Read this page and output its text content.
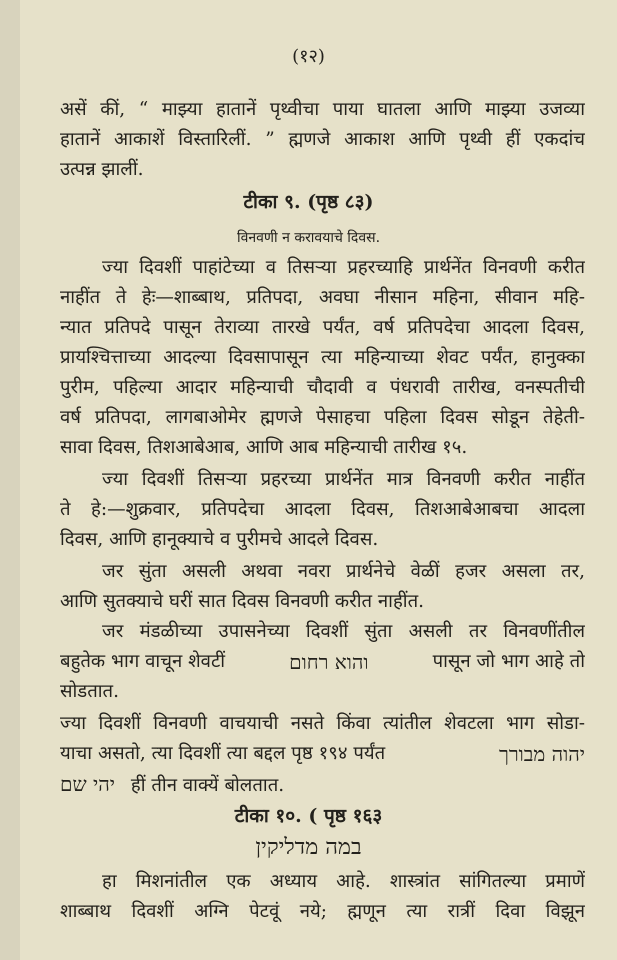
(१२)
असें कीं, “ माझ्या हातानें पृथ्वीचा पाया घातला आणि माझ्या उजव्या
हातानें आकाशें विस्तारिलीं. ” ह्मणजे आकाश आणि पृथ्वी हीं एकदांच
उत्पन्न झालीं.
टीका ९. (पृष्ठ ८३)
विनवणी न करावयाचे दिवस.
ज्या दिवशीं पाहांटेच्या व तिसऱ्या प्रहरच्याहि प्रार्थनेंत विनवणी करीत
नाहींत ते हेः—शाब्बाथ, प्रतिपदा, अवघा नीसान महिना, सीवान महि-
न्यात प्रतिपदे पासून तेराव्या तारखे पर्यंत, वर्ष प्रतिपदेचा आदला दिवस,
प्रायश्चित्ताच्या आदल्या दिवसापासून त्या महिन्याच्या शेवट पर्यंत, हानुक्का
पुरीम, पहिल्या आदार महिन्याची चौदावी व पंधरावी तारीख, वनस्पतीची
वर्ष प्रतिपदा, लागबाओमेर ह्मणजे पेसाहचा पहिला दिवस सोडून तेहेती-
सावा दिवस, तिशआबेआब, आणि आब महिन्याची तारीख १५.
ज्या दिवशीं तिसऱ्या प्रहरच्या प्रार्थनेंत मात्र विनवणी करीत नाहींत
ते हे:—शुक्रवार, प्रतिपदेचा आदला दिवस, तिशआबेआबचा आदला
दिवस, आणि हानूक्याचे व पुरीमचे आदले दिवस.
जर सुंता असली अथवा नवरा प्रार्थनेचे वेळीं हजर असला तर,
आणि सुतक्याचे घरीं सात दिवस विनवणी करीत नाहींत.
जर मंडळीच्या उपासनेच्या दिवशीं सुंता असली तर विनवणींतील
बहुतेक भाग वाचून शेवटीं	והוא רחום	पासून जो भाग आहे तो
सोडतात.
ज्या दिवशीं विनवणी वाचयाची नसते किंवा त्यांतील शेवटला भाग सोडा-
याचा असतो, त्या दिवशीं त्या बद्दल पृष्ठ १९४ पर्यंत	יהוה מבורך
יהי שם हीं तीन वाक्यें बोलतात.
टीका १०. ( पृष्ठ १६३
במה מדליקין
हा मिशनांतील एक अध्याय आहे. शास्त्रांत सांगितल्या प्रमाणें
शाब्बाथ दिवशीं अग्नि पेटवूं नये; ह्मणून त्या रात्रीं दिवा विझून
